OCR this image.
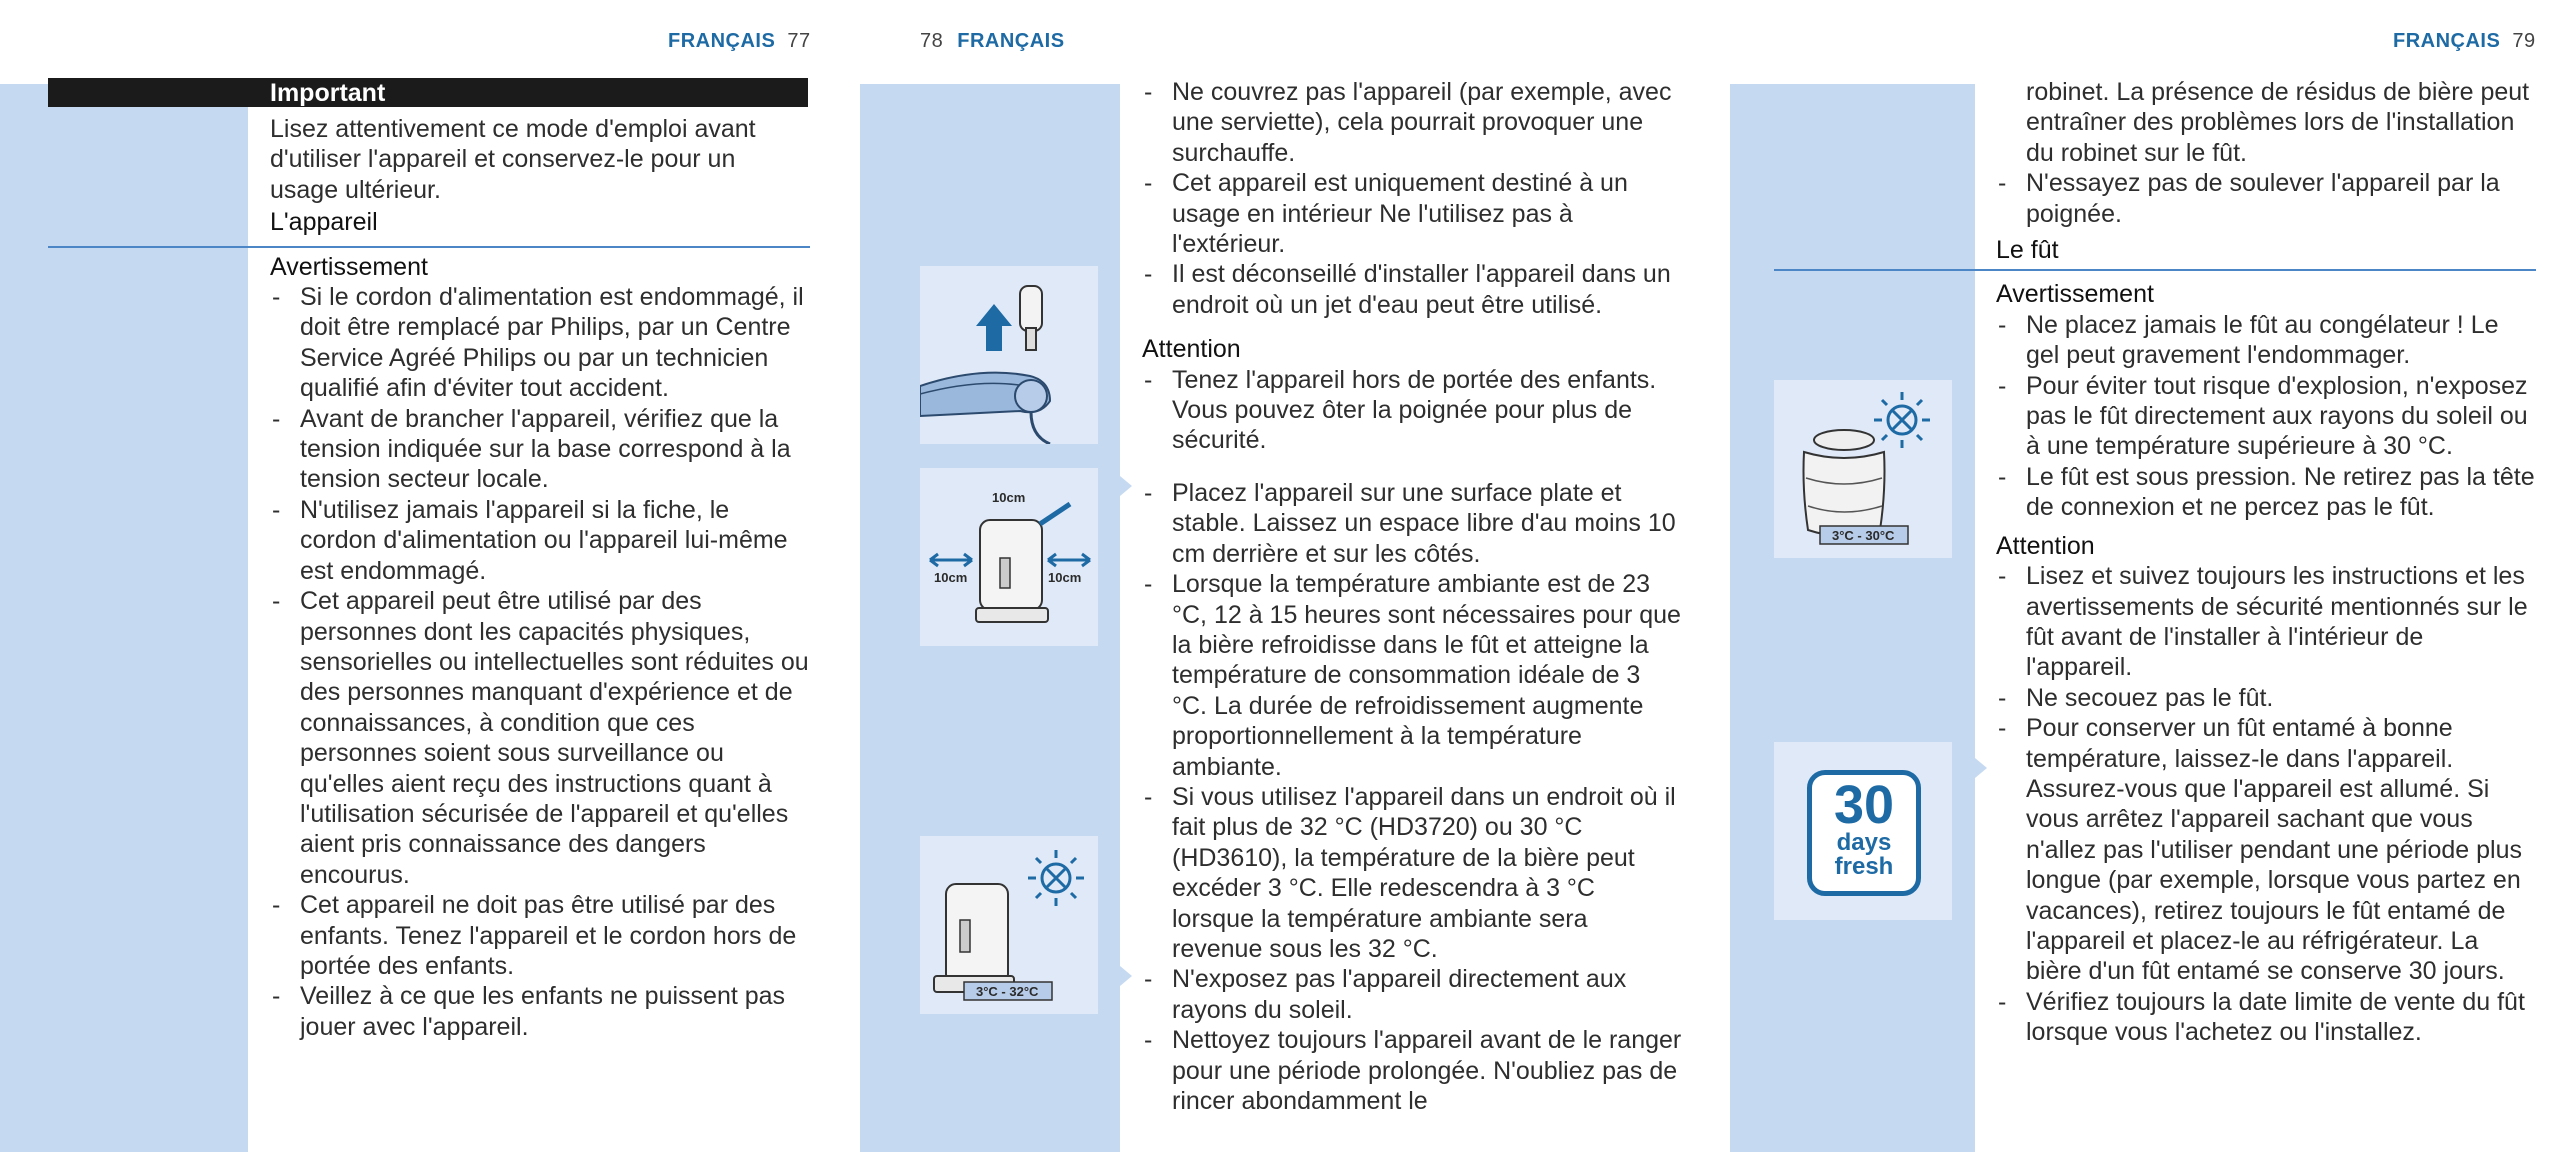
FRANÇAIS 77	78 FRANÇAIS	FRANÇAIS 79
Important

Lisez attentivement ce mode d'emploi avant d'utiliser l'appareil et conservez-le pour un usage ultérieur.

L'appareil

Avertissement

- Si le cordon d'alimentation est endommagé, il doit être remplacé par Philips, par un Centre Service Agréé Philips ou par un technicien qualifié afin d'éviter tout accident.
- Avant de brancher l'appareil, vérifiez que la tension indiquée sur la base correspond à la tension secteur locale.
- N'utilisez jamais l'appareil si la fiche, le cordon d'alimentation ou l'appareil lui-même est endommagé.
- Cet appareil peut être utilisé par des personnes dont les capacités physiques, sensorielles ou intellectuelles sont réduites ou des personnes manquant d'expérience et de connaissances, à condition que ces personnes soient sous surveillance ou qu'elles aient reçu des instructions quant à l'utilisation sécurisée de l'appareil et qu'elles aient pris connaissance des dangers encourus.
- Cet appareil ne doit pas être utilisé par des enfants. Tenez l'appareil et le cordon hors de portée des enfants.
- Veillez à ce que les enfants ne puissent pas jouer avec l'appareil.
10cm
10cm	10cm
3°C - 32°C
- Ne couvrez pas l'appareil (par exemple, avec une serviette), cela pourrait provoquer une surchauffe.
- Cet appareil est uniquement destiné à un usage en intérieur Ne l'utilisez pas à l'extérieur.
- Il est déconseillé d'installer l'appareil dans un endroit où un jet d'eau peut être utilisé.

Attention

- Tenez l'appareil hors de portée des enfants. Vous pouvez ôter la poignée pour plus de sécurité.
- Placez l'appareil sur une surface plate et stable. Laissez un espace libre d'au moins 10 cm derrière et sur les côtés.
- Lorsque la température ambiante est de 23 °C, 12 à 15 heures sont nécessaires pour que la bière refroidisse dans le fût et atteigne la température de consommation idéale de 3 °C. La durée de refroidissement augmente proportionnellement à la température ambiante.
- Si vous utilisez l'appareil dans un endroit où il fait plus de 32 °C (HD3720) ou 30 °C (HD3610), la température de la bière peut excéder 3 °C. Elle redescendra à 3 °C lorsque la température ambiante sera revenue sous les 32 °C.
- N'exposez pas l'appareil directement aux rayons du soleil.
- Nettoyez toujours l'appareil avant de le ranger pour une période prolongée. N'oubliez pas de rincer abondamment le
3°C - 30°C
30
days
fresh

robinet. La présence de résidus de bière peut entraîner des problèmes lors de l'installation du robinet sur le fût.

- N'essayez pas de soulever l'appareil par la poignée.

Le fût

Avertissement

- Ne placez jamais le fût au congélateur ! Le gel peut gravement l'endommager.
- Pour éviter tout risque d'explosion, n'exposez pas le fût directement aux rayons du soleil ou à une température supérieure à 30 °C.
- Le fût est sous pression. Ne retirez pas la tête de connexion et ne percez pas le fût.

Attention

- Lisez et suivez toujours les instructions et les avertissements de sécurité mentionnés sur le fût avant de l'installer à l'intérieur de l'appareil.
- Ne secouez pas le fût.
- Pour conserver un fût entamé à bonne température, laissez-le dans l'appareil. Assurez-vous que l'appareil est allumé. Si vous arrêtez l'appareil sachant que vous n'allez pas l'utiliser pendant une période plus longue (par exemple, lorsque vous partez en vacances), retirez toujours le fût entamé de l'appareil et placez-le au réfrigérateur. La bière d'un fût entamé se conserve 30 jours.
- Vérifiez toujours la date limite de vente du fût lorsque vous l'achetez ou l'installez.
